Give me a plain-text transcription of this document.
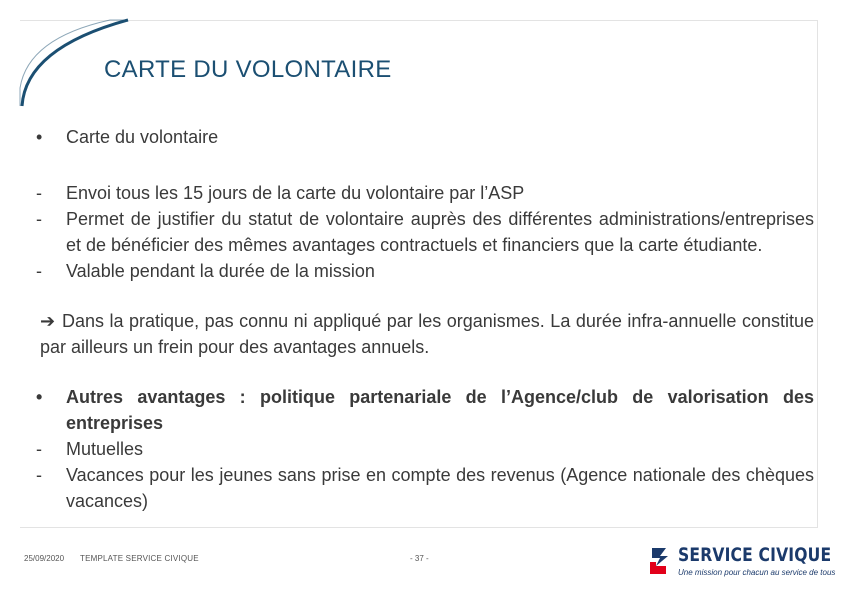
CARTE DU VOLONTAIRE
• Carte du volontaire
- Envoi tous les 15 jours de la carte du volontaire par l’ASP
- Permet de justifier du statut de volontaire auprès des différentes administrations/entreprises et de bénéficier des mêmes avantages contractuels et financiers que la carte étudiante.
- Valable pendant la durée de la mission
➔ Dans la pratique, pas connu ni appliqué par les organismes. La durée infra-annuelle constitue par ailleurs un frein pour des avantages annuels.
• Autres avantages : politique partenariale de l’Agence/club de valorisation des entreprises
- Mutuelles
- Vacances pour les jeunes sans prise en compte des revenus (Agence nationale des chèques vacances)
25/09/2020 TEMPLATE SERVICE CIVIQUE	- 37 -	SERVICE CIVIQUE
Une mission pour chacun au service de tous
